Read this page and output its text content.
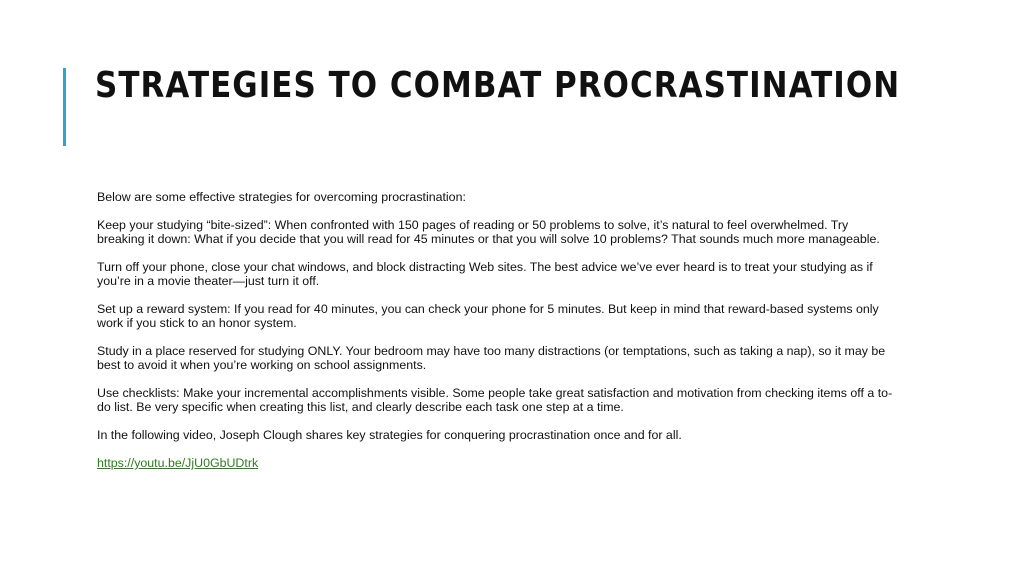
STRATEGIES TO COMBAT PROCRASTINATION

Below are some effective strategies for overcoming procrastination:

Keep your studying “bite-sized”: When confronted with 150 pages of reading or 50 problems to solve, it’s natural to feel overwhelmed. Try breaking it down: What if you decide that you will read for 45 minutes or that you will solve 10 problems? That sounds much more manageable.

Turn off your phone, close your chat windows, and block distracting Web sites. The best advice we’ve ever heard is to treat your studying as if you’re in a movie theater—just turn it off.

Set up a reward system: If you read for 40 minutes, you can check your phone for 5 minutes. But keep in mind that reward-based systems only work if you stick to an honor system.

Study in a place reserved for studying ONLY. Your bedroom may have too many distractions (or temptations, such as taking a nap), so it may be best to avoid it when you’re working on school assignments.

Use checklists: Make your incremental accomplishments visible. Some people take great satisfaction and motivation from checking items off a to-do list. Be very specific when creating this list, and clearly describe each task one step at a time.

In the following video, Joseph Clough shares key strategies for conquering procrastination once and for all.

https://youtu.be/JjU0GbUDtrk
